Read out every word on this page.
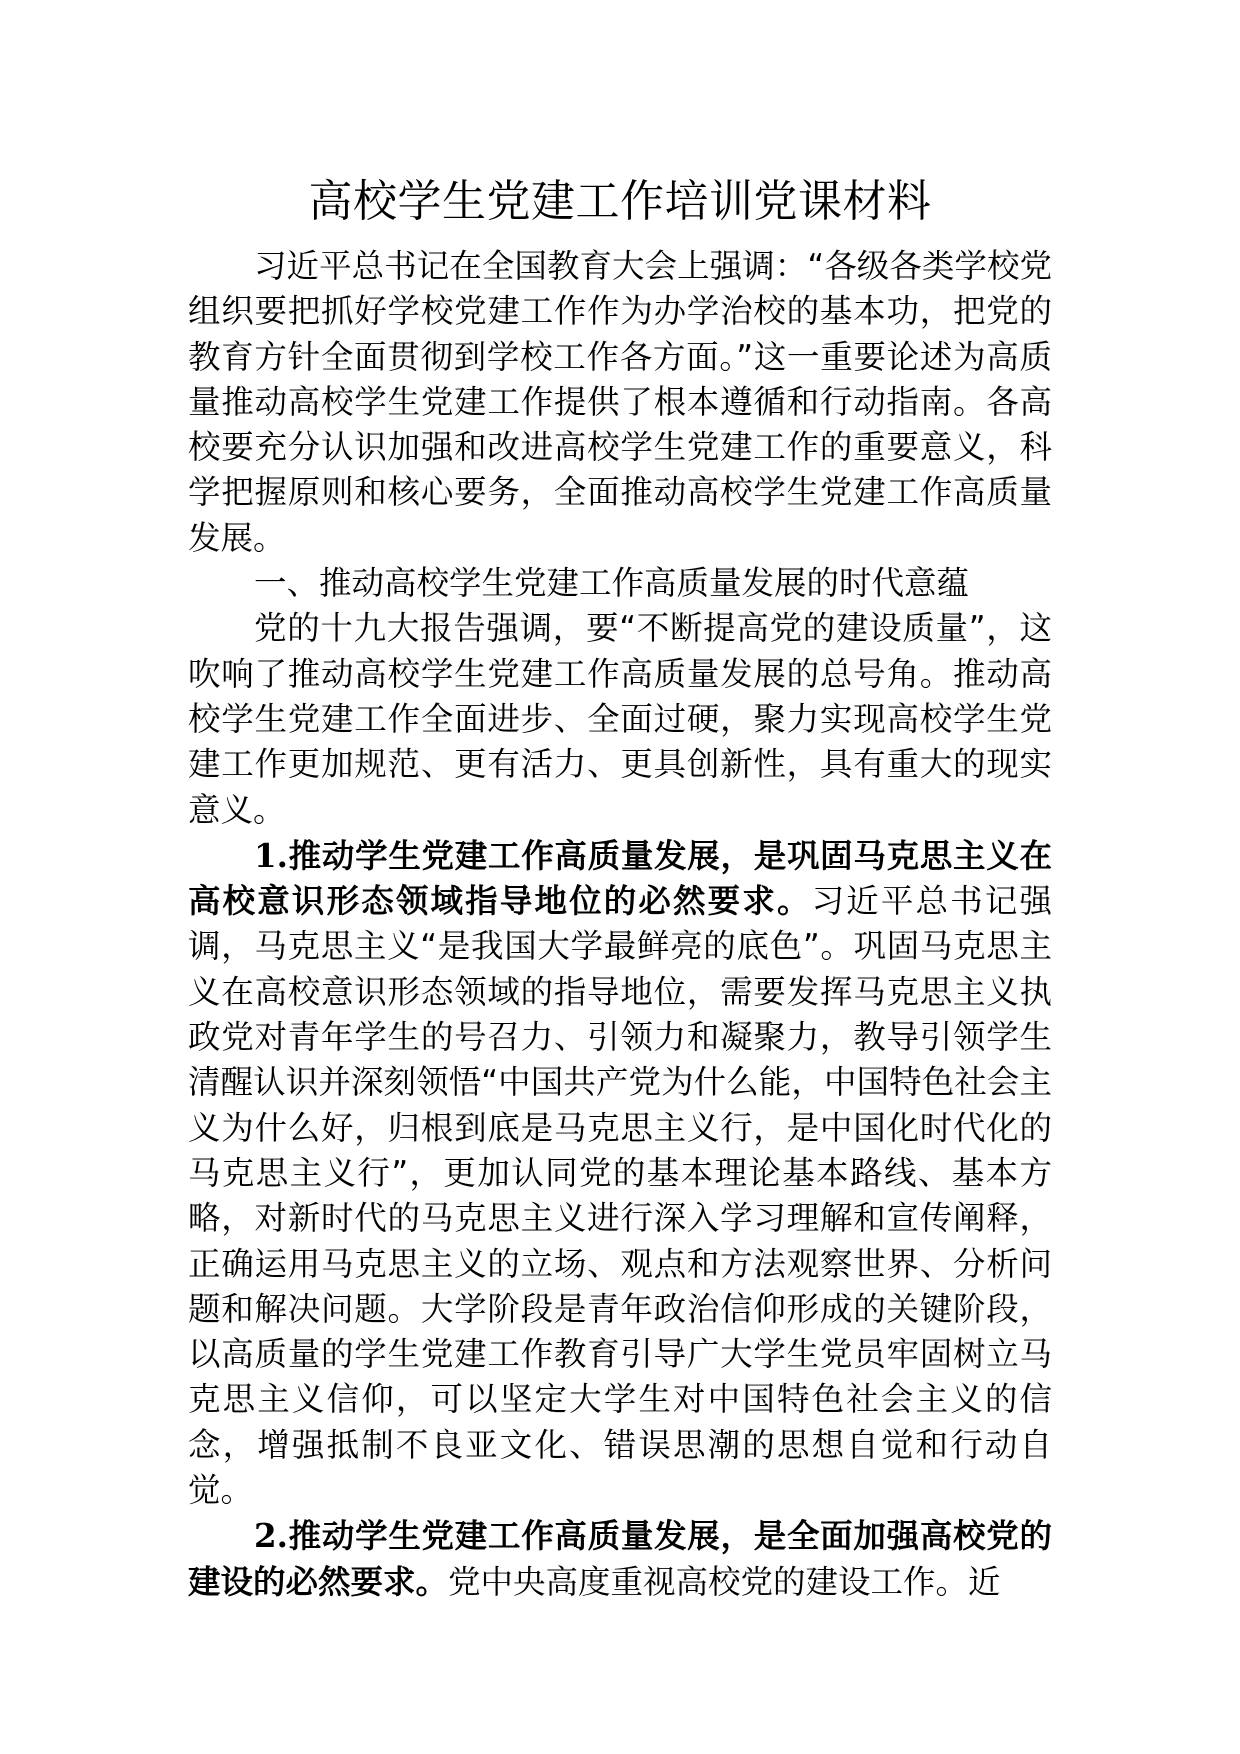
高校学生党建工作培训党课材料

习近平总书记在全国教育大会上强调：“各级各类学校党组织要把抓好学校党建工作作为办学治校的基本功，把党的教育方针全面贯彻到学校工作各方面。”这一重要论述为高质量推动高校学生党建工作提供了根本遵循和行动指南。各高校要充分认识加强和改进高校学生党建工作的重要意义，科学把握原则和核心要务，全面推动高校学生党建工作高质量发展。

一、推动高校学生党建工作高质量发展的时代意蕴

党的十九大报告强调，要“不断提高党的建设质量”，这吹响了推动高校学生党建工作高质量发展的总号角。推动高校学生党建工作全面进步、全面过硬，聚力实现高校学生党建工作更加规范、更有活力、更具创新性，具有重大的现实意义。

1.推动学生党建工作高质量发展，是巩固马克思主义在高校意识形态领域指导地位的必然要求。习近平总书记强调，马克思主义“是我国大学最鲜亮的底色”。巩固马克思主义在高校意识形态领域的指导地位，需要发挥马克思主义执政党对青年学生的号召力、引领力和凝聚力，教导引领学生清醒认识并深刻领悟“中国共产党为什么能，中国特色社会主义为什么好，归根到底是马克思主义行，是中国化时代化的马克思主义行”，更加认同党的基本理论基本路线、基本方略，对新时代的马克思主义进行深入学习理解和宣传阐释，正确运用马克思主义的立场、观点和方法观察世界、分析问题和解决问题。大学阶段是青年政治信仰形成的关键阶段，以高质量的学生党建工作教育引导广大学生党员牢固树立马克思主义信仰，可以坚定大学生对中国特色社会主义的信念，增强抵制不良亚文化、错误思潮的思想自觉和行动自觉。

2.推动学生党建工作高质量发展，是全面加强高校党的建设的必然要求。党中央高度重视高校党的建设工作。近
